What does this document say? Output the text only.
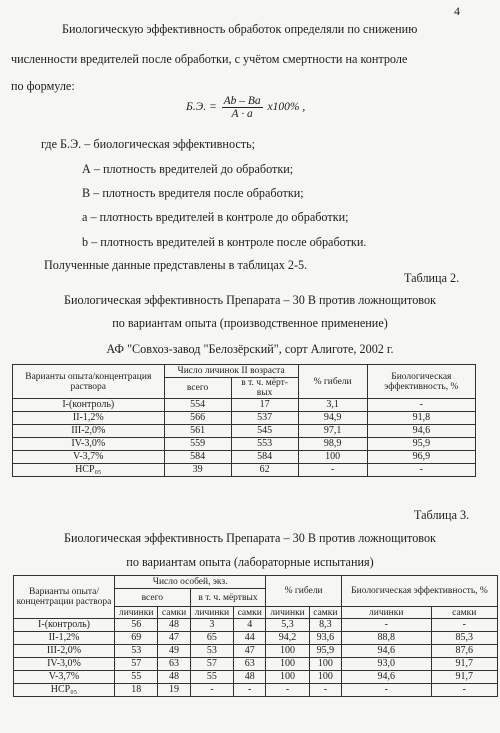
4
Биологическую эффективность обработок определяли по снижению
численности вредителей после обработки, с учётом смертности на контроле
по формуле:
Б.Э. = $\frac{Ab - Ba}{A \cdot a} x100\%$ ,
где Б.Э. – биологическая эффективность;
А – плотность вредителей до обработки;
В – плотность вредителя после обработки;
а – плотность вредителей в контроле до обработки;
b – плотность вредителей в контроле после обработки.
Полученные данные представлены в таблицах 2-5.
Таблица 2.
Биологическая эффективность Препарата – 30 В против ложнощитовок
по вариантам опыта (производственное применение)
АФ "Совхоз-завод "Белозёрский", сорт Алиготе, 2002 г.
Варианты опыта/концентрация раствора	Число личинок II возраста		% гибели	Биологическая эффективность, %
	всего	в т. ч. мёрт-вых		
I-(контроль)	554	17	3,1	-
II-1,2%	566	537	94,9	91,8
III-2,0%	561	545	97,1	94,6
IV-3,0%	559	553	98,9	95,9
V-3,7%	584	584	100	96,9
НСР₀₅	39	62	-	-
Таблица 3.
Биологическая эффективность Препарата – 30 В против ложнощитовок
по вариантам опыта (лабораторные испытания)
Варианты опыта/концентрации раствора	Число особей, экз.				% гибели		Биологическая эффективность, %	
	всего		в т. ч. мёртвых					
	личинки	самки	личинки	самки	личинки	самки	личинки	самки
I-(контроль)	56	48	3	4	5,3	8,3	-	-
II-1,2%	69	47	65	44	94,2	93,6	88,8	85,3
III-2,0%	53	49	53	47	100	95,9	94,6	87,6
IV-3,0%	57	63	57	63	100	100	93,0	91,7
V-3,7%	55	48	55	48	100	100	94,6	91,7
НСР₀₅	18	19	-	-	-	-	-	-
